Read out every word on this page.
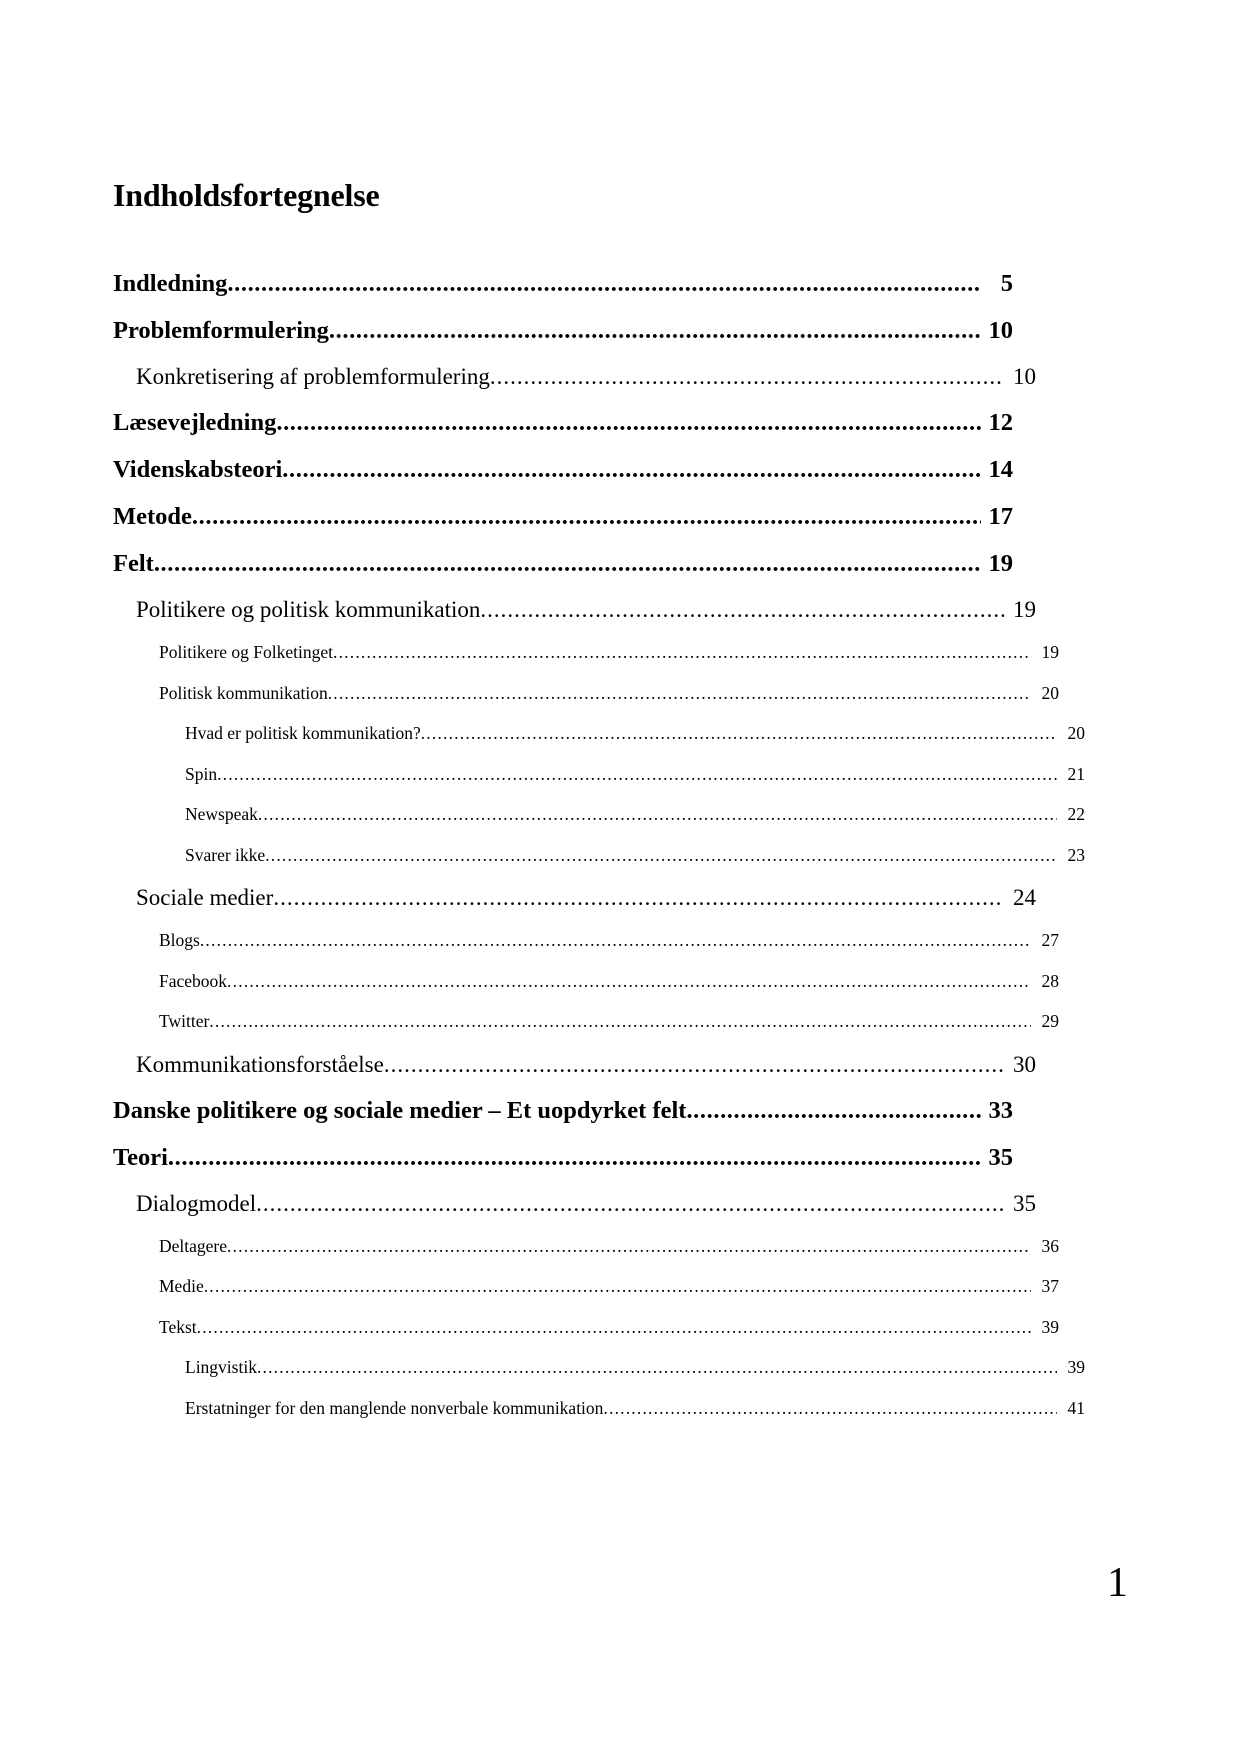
Indholdsfortegnelse
Indledning .....	5
Problemformulering .....	10
Konkretisering af problemformulering .....	10
Læsevejledning .....	12
Videnskabsteori .....	14
Metode .....	17
Felt .....	19
Politikere og politisk kommunikation .....	19
Politikere og Folketinget .....	19
Politisk kommunikation .....	20
Hvad er politisk kommunikation? .....	20
Spin .....	21
Newspeak .....	22
Svarer ikke .....	23
Sociale medier .....	24
Blogs .....	27
Facebook .....	28
Twitter .....	29
Kommunikationsforståelse .....	30
Danske politikere og sociale medier – Et uopdyrket felt .....	33
Teori .....	35
Dialogmodel .....	35
Deltagere .....	36
Medie .....	37
Tekst .....	39
Lingvistik .....	39
Erstatninger for den manglende nonverbale kommunikation .....	41
1
